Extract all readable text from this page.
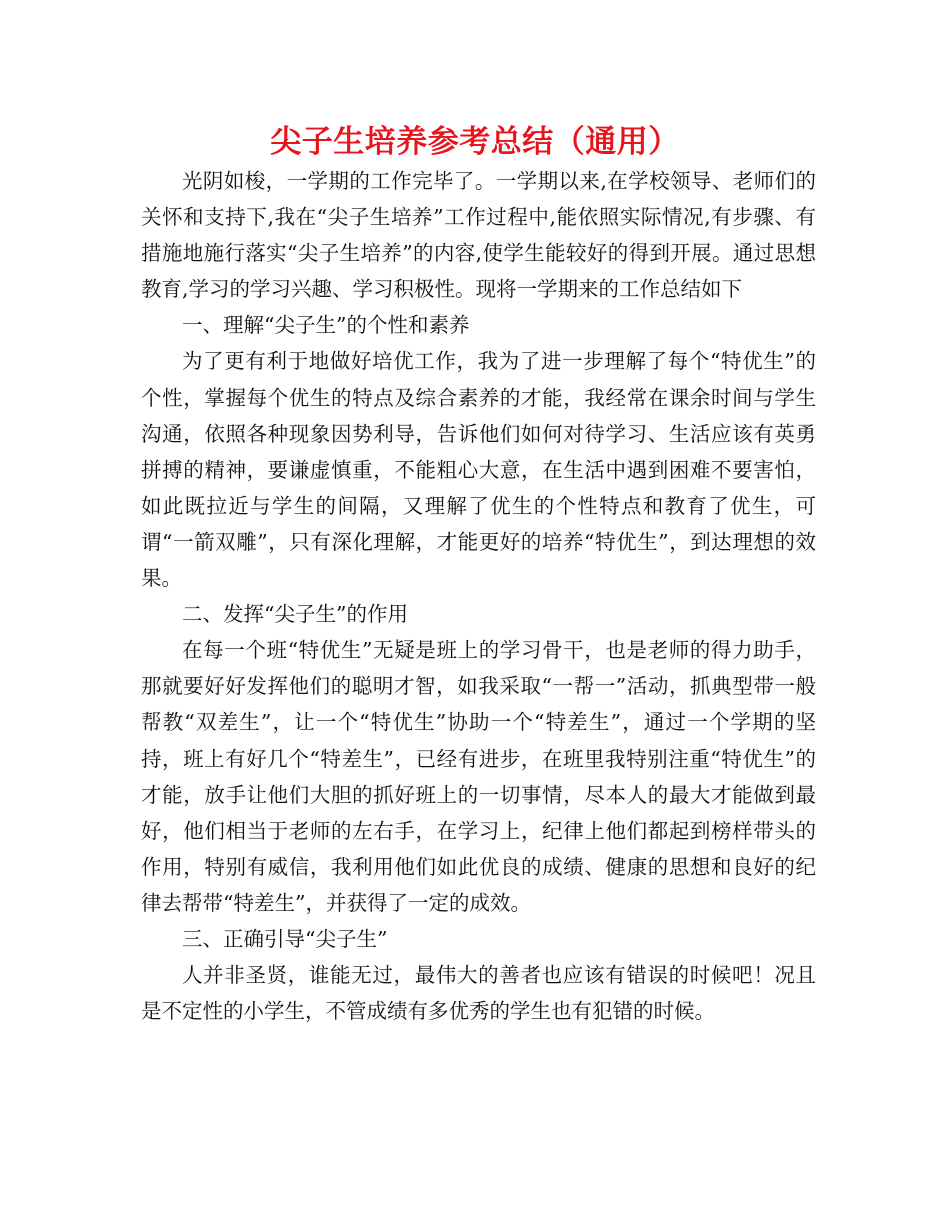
尖子生培养参考总结（通用）

光阴如梭，一学期的工作完毕了。一学期以来,在学校领导、老师们的关怀和支持下,我在“尖子生培养”工作过程中,能依照实际情况,有步骤、有措施地施行落实“尖子生培养”的内容,使学生能较好的得到开展。通过思想教育,学习的学习兴趣、学习积极性。现将一学期来的工作总结如下

一、理解“尖子生”的个性和素养

为了更有利于地做好培优工作，我为了进一步理解了每个“特优生”的个性，掌握每个优生的特点及综合素养的才能，我经常在课余时间与学生沟通，依照各种现象因势利导，告诉他们如何对待学习、生活应该有英勇拼搏的精神，要谦虚慎重，不能粗心大意，在生活中遇到困难不要害怕，如此既拉近与学生的间隔，又理解了优生的个性特点和教育了优生，可谓“一箭双雕”，只有深化理解，才能更好的培养“特优生”，到达理想的效果。

二、发挥“尖子生”的作用

在每一个班“特优生”无疑是班上的学习骨干，也是老师的得力助手，那就要好好发挥他们的聪明才智，如我采取“一帮一”活动，抓典型带一般帮教“双差生”，让一个“特优生”协助一个“特差生”，通过一个学期的坚持，班上有好几个“特差生”，已经有进步，在班里我特别注重“特优生”的才能，放手让他们大胆的抓好班上的一切事情，尽本人的最大才能做到最好，他们相当于老师的左右手，在学习上，纪律上他们都起到榜样带头的作用，特别有威信，我利用他们如此优良的成绩、健康的思想和良好的纪律去帮带“特差生”，并获得了一定的成效。

三、正确引导“尖子生”

人并非圣贤，谁能无过，最伟大的善者也应该有错误的时候吧！况且是不定性的小学生，不管成绩有多优秀的学生也有犯错的时候。
